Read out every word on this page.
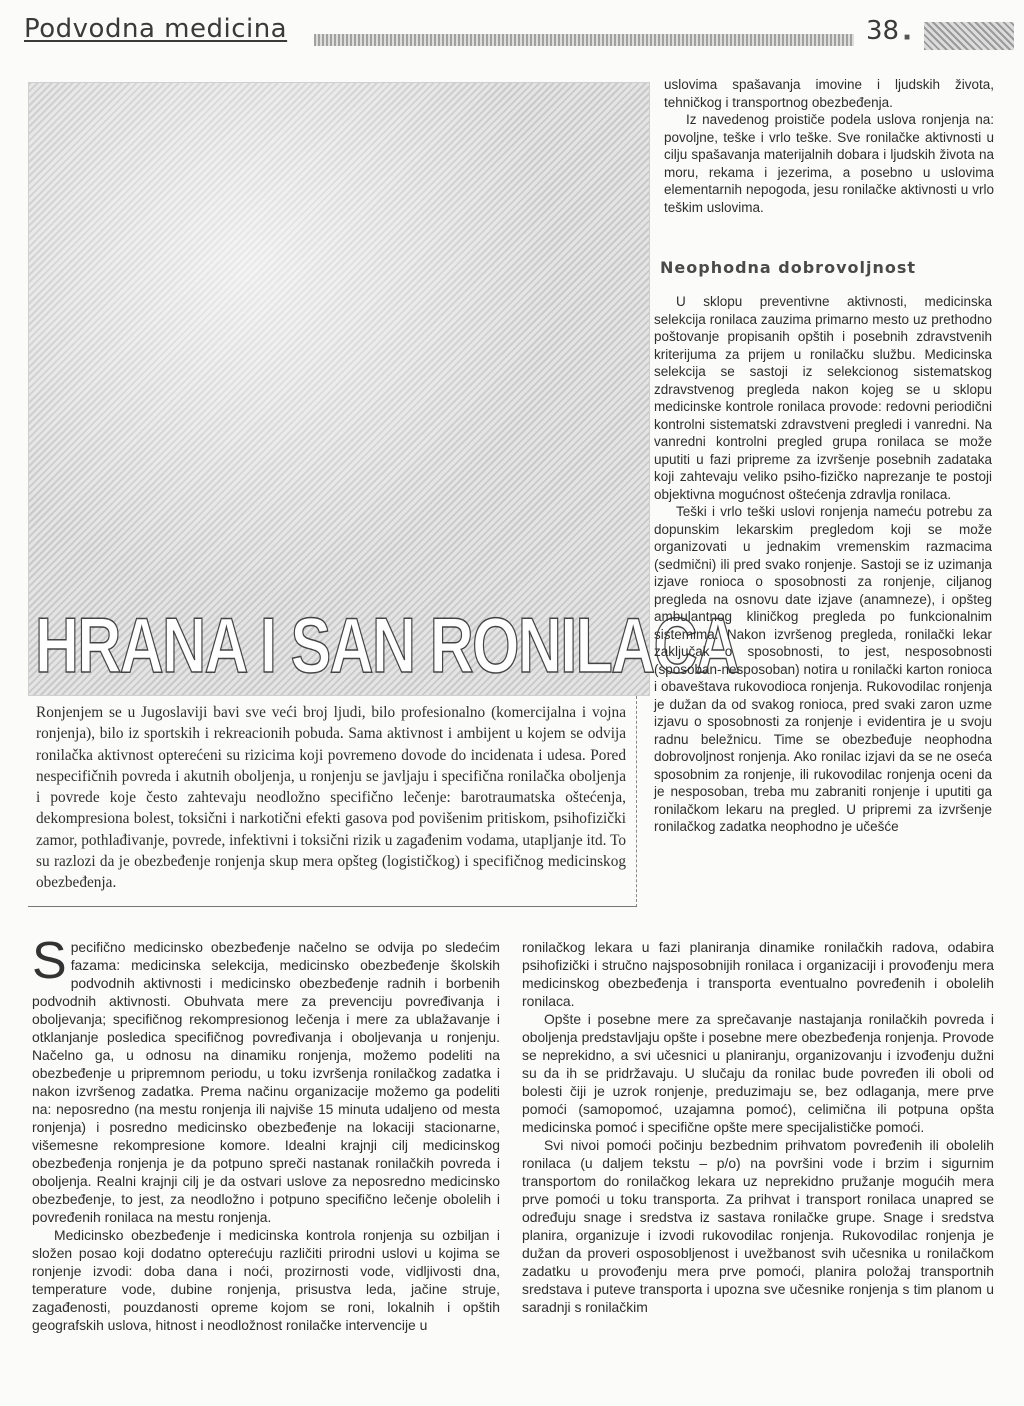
Podvodna medicina	38 ■
HRANA I SAN RONILACA

Ronjenjem se u Jugoslaviji bavi sve veći broj ljudi, bilo profesionalno (komercijalna i vojna ronjenja), bilo iz sportskih i rekreacionih pobuda. Sama aktivnost i ambijent u kojem se odvija ronilačka aktivnost opterećeni su rizicima koji povremeno dovode do incidenata i udesa. Pored nespecifičnih povreda i akutnih oboljenja, u ronjenju se javljaju i specifična ronilačka oboljenja i povrede koje često zahtevaju neodložno specifično lečenje: barotraumatska oštećenja, dekompresiona bolest, toksični i narkotični efekti gasova pod povišenim pritiskom, psihofizički zamor, pothlađivanje, povrede, infektivni i toksični rizik u zagađenim vodama, utapljanje itd. To su razlozi da je obezbeđenje ronjenja skup mera opšteg (logističkog) i specifičnog medicinskog obezbeđenja.

uslovima spašavanja imovine i ljudskih života, tehničkog i transportnog obezbeđenja.

Iz navedenog proističe podela uslova ronjenja na: povoljne, teške i vrlo teške. Sve ronilačke aktivnosti u cilju spašavanja materijalnih dobara i ljudskih života na moru, rekama i jezerima, a posebno u uslovima elementarnih nepogoda, jesu ronilačke aktivnosti u vrlo teškim uslovima.

Neophodna dobrovoljnost

U sklopu preventivne aktivnosti, medicinska selekcija ronilaca zauzima primarno mesto uz prethodno poštovanje propisanih opštih i posebnih zdravstvenih kriterijuma za prijem u ronilačku službu. Medicinska selekcija se sastoji iz selekcionog sistematskog zdravstvenog pregleda nakon kojeg se u sklopu medicinske kontrole ronilaca provode: redovni periodični kontrolni sistematski zdravstveni pregledi i vanredni. Na vanredni kontrolni pregled grupa ronilaca se može uputiti u fazi pripreme za izvršenje posebnih zadataka koji zahtevaju veliko psiho-fizičko naprezanje te postoji objektivna mogućnost oštećenja zdravlja ronilaca.

Teški i vrlo teški uslovi ronjenja nameću potrebu za dopunskim lekarskim pregledom koji se može organizovati u jednakim vremenskim razmacima (sedmični) ili pred svako ronjenje. Sastoji se iz uzimanja izjave ronioca o sposobnosti za ronjenje, ciljanog pregleda na osnovu date izjave (anamneze), i opšteg ambulantnog kliničkog pregleda po funkcionalnim sistemima. Nakon izvršenog pregleda, ronilački lekar zaključak o sposobnosti, to jest, nesposobnosti (sposoban-nesposoban) notira u ronilački karton ronioca i obaveštava rukovodioca ronjenja. Rukovodilac ronjenja je dužan da od svakog ronioca, pred svaki zaron uzme izjavu o sposobnosti za ronjenje i evidentira je u svoju radnu beležnicu. Time se obezbeđuje neophodna dobrovoljnost ronjenja. Ako ronilac izjavi da se ne oseća sposobnim za ronjenje, ili rukovodilac ronjenja oceni da je nesposoban, treba mu zabraniti ronjenje i uputiti ga ronilačkom lekaru na pregled. U pripremi za izvršenje ronilačkog zadatka neophodno je učešće

Specifično medicinsko obezbeđenje načelno se odvija po sledećim fazama: medicinska selekcija, medicinsko obezbeđenje školskih podvodnih aktivnosti i medicinsko obezbeđenje radnih i borbenih podvodnih aktivnosti. Obuhvata mere za prevenciju povređivanja i oboljevanja; specifičnog rekompresionog lečenja i mere za ublažavanje i otklanjanje posledica specifičnog povređivanja i oboljevanja u ronjenju. Načelno ga, u odnosu na dinamiku ronjenja, možemo podeliti na obezbeđenje u pripremnom periodu, u toku izvršenja ronilačkog zadatka i nakon izvršenog zadatka. Prema načinu organizacije možemo ga podeliti na: neposredno (na mestu ronjenja ili najviše 15 minuta udaljeno od mesta ronjenja) i posredno medicinsko obezbeđenje na lokaciji stacionarne, višemesne rekompresione komore. Idealni krajnji cilj medicinskog obezbeđenja ronjenja je da potpuno spreči nastanak ronilačkih povreda i oboljenja. Realni krajnji cilj je da ostvari uslove za neposredno medicinsko obezbeđenje, to jest, za neodložno i potpuno specifično lečenje obolelih i povređenih ronilaca na mestu ronjenja.

Medicinsko obezbeđenje i medicinska kontrola ronjenja su ozbiljan i složen posao koji dodatno opterećuju različiti prirodni uslovi u kojima se ronjenje izvodi: doba dana i noći, prozirnosti vode, vidljivosti dna, temperature vode, dubine ronjenja, prisustva leda, jačine struje, zagađenosti, pouzdanosti opreme kojom se roni, lokalnih i opštih geografskih uslova, hitnost i neodložnost ronilačke intervencije u

ronilačkog lekara u fazi planiranja dinamike ronilačkih radova, odabira psihofizički i stručno najsposobnijih ronilaca i organizaciji i provođenju mera medicinskog obezbeđenja i transporta eventualno povređenih i obolelih ronilaca.

Opšte i posebne mere za sprečavanje nastajanja ronilačkih povreda i oboljenja predstavljaju opšte i posebne mere obezbeđenja ronjenja. Provode se neprekidno, a svi učesnici u planiranju, organizovanju i izvođenju dužni su da ih se pridržavaju. U slučaju da ronilac bude povređen ili oboli od bolesti čiji je uzrok ronjenje, preduzimaju se, bez odlaganja, mere prve pomoći (samopomoć, uzajamna pomoć), celimična ili potpuna opšta medicinska pomoć i specifične opšte mere specijalističke pomoći.

Svi nivoi pomoći počinju bezbednim prihvatom povređenih ili obolelih ronilaca (u daljem tekstu – p/o) na površini vode i brzim i sigurnim transportom do ronilačkog lekara uz neprekidno pružanje mogućih mera prve pomoći u toku transporta. Za prihvat i transport ronilaca unapred se određuju snage i sredstva iz sastava ronilačke grupe. Snage i sredstva planira, organizuje i izvodi rukovodilac ronjenja. Rukovodilac ronjenja je dužan da proveri osposobljenost i uvežbanost svih učesnika u ronilačkom zadatku u provođenju mera prve pomoći, planira položaj transportnih sredstava i puteve transporta i upozna sve učesnike ronjenja s tim planom u saradnji s ronilačkim
